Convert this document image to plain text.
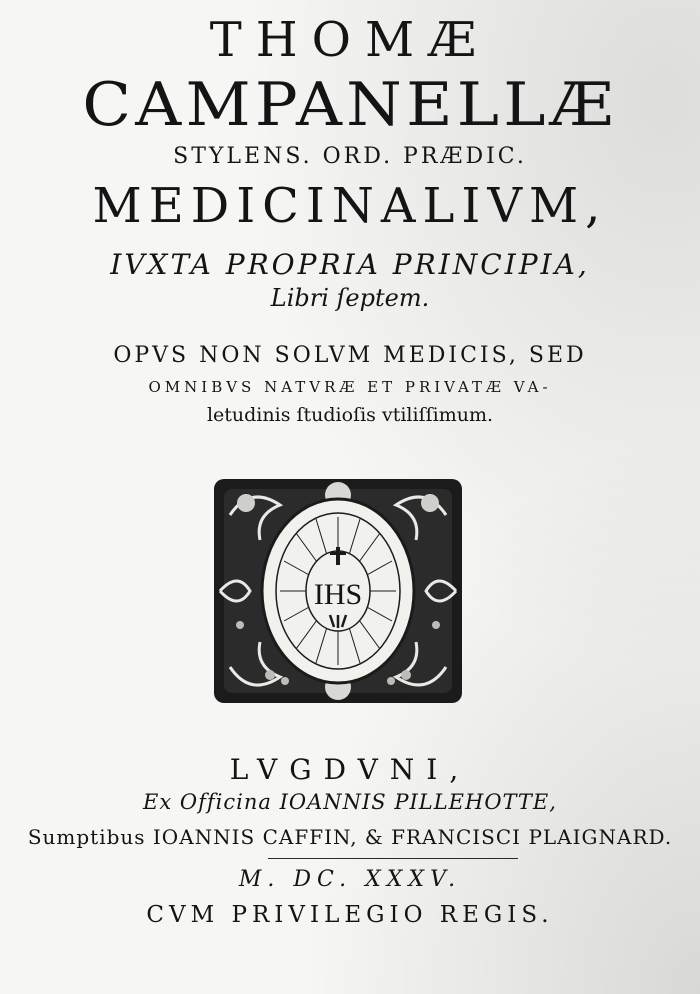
THOMÆ
CAMPANELLÆ
STYLENS. ORD. PRÆDIC.
MEDICINALIVM,
IVXTA PROPRIA PRINCIPIA,
Libri ſeptem.
OPVS NON SOLVM MEDICIS, SED
OMNIBVS NATVRÆ ET PRIVATÆ VA-
letudinis ſtudioſis vtiliſſimum.
IHS
LVGDVNI,
Ex Officina IOANNIS PILLEHOTTE,
Sumptibus IOANNIS CAFFIN, & FRANCISCI PLAIGNARD.
M. DC. XXXV.
CVM PRIVILEGIO REGIS.
